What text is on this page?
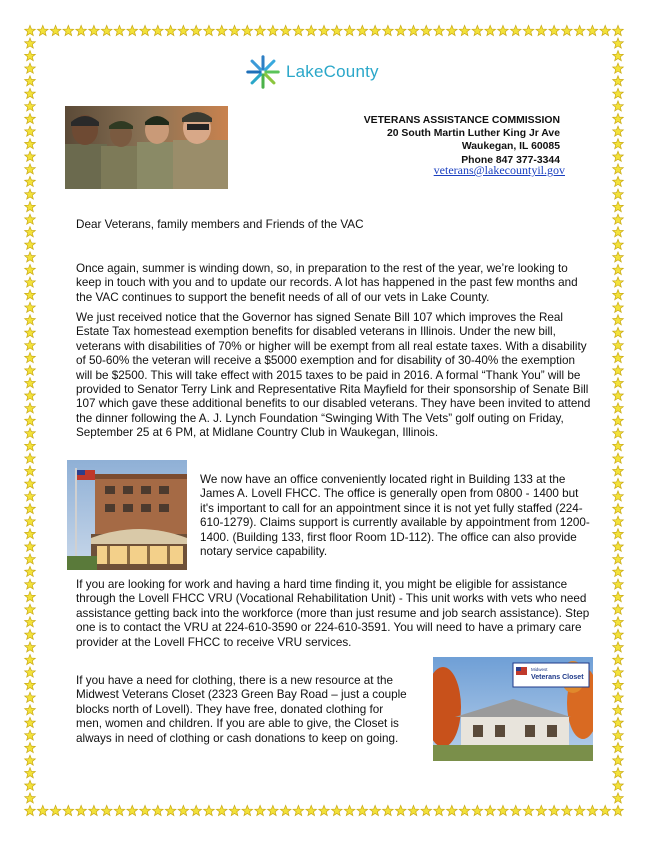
LakeCounty
VETERANS ASSISTANCE COMMISSION
20 South Martin Luther King Jr Ave
Waukegan, IL 60085
Phone 847 377-3344
veterans@lakecountyil.gov

Dear Veterans, family members and Friends of the VAC

Once again, summer is winding down, so, in preparation to the rest of the year, we’re looking to keep in touch with you and to update our records. A lot has happened in the past few months and the VAC continues to support the benefit needs of all of our vets in Lake County.

We just received notice that the Governor has signed Senate Bill 107 which improves the Real Estate Tax homestead exemption benefits for disabled veterans in Illinois. Under the new bill, veterans with disabilities of 70% or higher will be exempt from all real estate taxes. With a disability of 50-60% the veteran will receive a $5000 exemption and for disability of 30-40% the exemption will be $2500. This will take effect with 2015 taxes to be paid in 2016. A formal “Thank You” will be provided to Senator Terry Link and Representative Rita Mayfield for their sponsorship of Senate Bill 107 which gave these additional benefits to our disabled veterans. They have been invited to attend the dinner following the A. J. Lynch Foundation “Swinging With The Vets” golf outing on Friday, September 25 at 6 PM, at Midlane Country Club in Waukegan, Illinois.

We now have an office conveniently located right in Building 133 at the James A. Lovell FHCC. The office is generally open from 0800 - 1400 but it's important to call for an appointment since it is not yet fully staffed (224-610-1279). Claims support is currently available by appointment from 1200-1400. (Building 133, first floor Room 1D-112). The office can also provide notary service capability.

If you are looking for work and having a hard time finding it, you might be eligible for assistance through the Lovell FHCC VRU (Vocational Rehabilitation Unit) - This unit works with vets who need assistance getting back into the workforce (more than just resume and job search assistance). Step one is to contact the VRU at 224-610-3590 or 224-610-3591. You will need to have a primary care provider at the Lovell FHCC to receive VRU services.

Midwest
Veterans Closet

If you have a need for clothing, there is a new resource at the Midwest Veterans Closet (2323 Green Bay Road – just a couple blocks north of Lovell). They have free, donated clothing for men, women and children. If you are able to give, the Closet is always in need of clothing or cash donations to keep on going.
